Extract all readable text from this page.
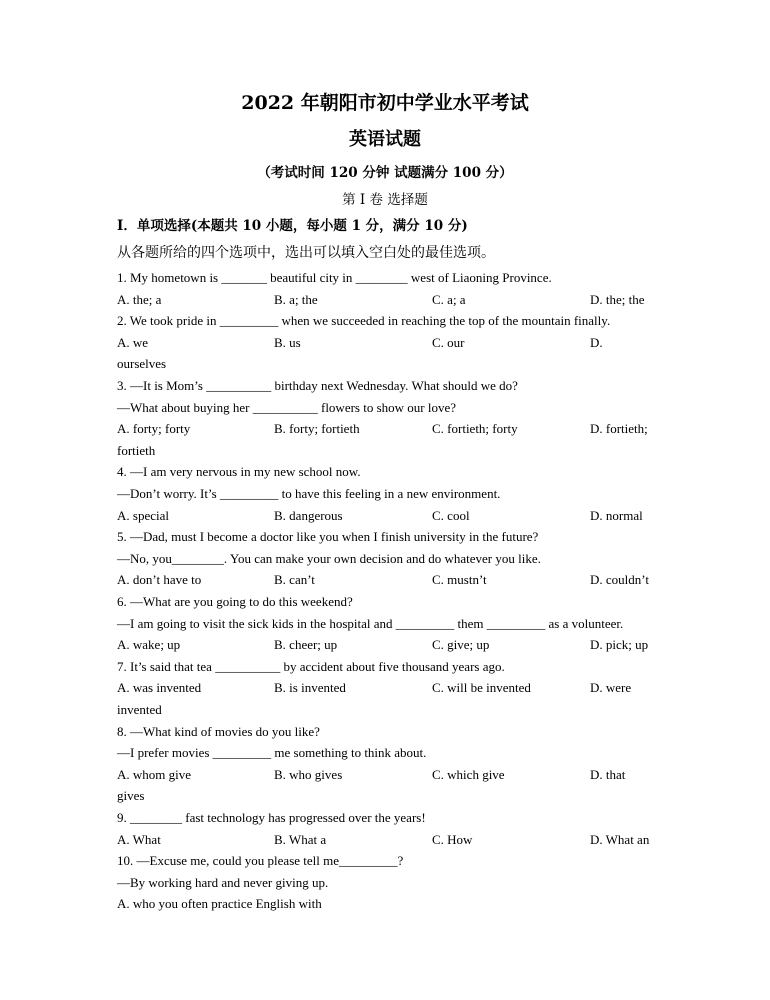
2022 年朝阳市初中学业水平考试
英语试题
（考试时间 120 分钟 试题满分 100 分）
第 I 卷 选择题
I．单项选择(本题共 10 小题，每小题 1 分，满分 10 分)
从各题所给的四个选项中，选出可以填入空白处的最佳选项。
1. My hometown is _______ beautiful city in ________ west of Liaoning Province.
A. the; a	B. a; the	C. a; a	D. the; the
2. We took pride in _________ when we succeeded in reaching the top of the mountain finally.
A. we	B. us	C. our	D.
ourselves
3. —It is Mom’s __________ birthday next Wednesday. What should we do?
—What about buying her __________ flowers to show our love?
A. forty; forty	B. forty; fortieth	C. fortieth; forty	D. fortieth;
fortieth
4. —I am very nervous in my new school now.
—Don’t worry. It’s _________ to have this feeling in a new environment.
A. special	B. dangerous	C. cool	D. normal
5. —Dad, must I become a doctor like you when I finish university in the future?
—No, you________. You can make your own decision and do whatever you like.
A. don’t have to	B. can’t	C. mustn’t	D. couldn’t
6. —What are you going to do this weekend?
—I am going to visit the sick kids in the hospital and _________ them _________ as a volunteer.
A. wake; up	B. cheer; up	C. give; up	D. pick; up
7. It’s said that tea __________ by accident about five thousand years ago.
A. was invented	B. is invented	C. will be invented	D. were
invented
8. —What kind of movies do you like?
—I prefer movies _________ me something to think about.
A. whom give	B. who gives	C. which give	D. that
gives
9. ________ fast technology has progressed over the years!
A. What	B. What a	C. How	D. What an
10. —Excuse me, could you please tell me_________?
—By working hard and never giving up.
A. who you often practice English with
